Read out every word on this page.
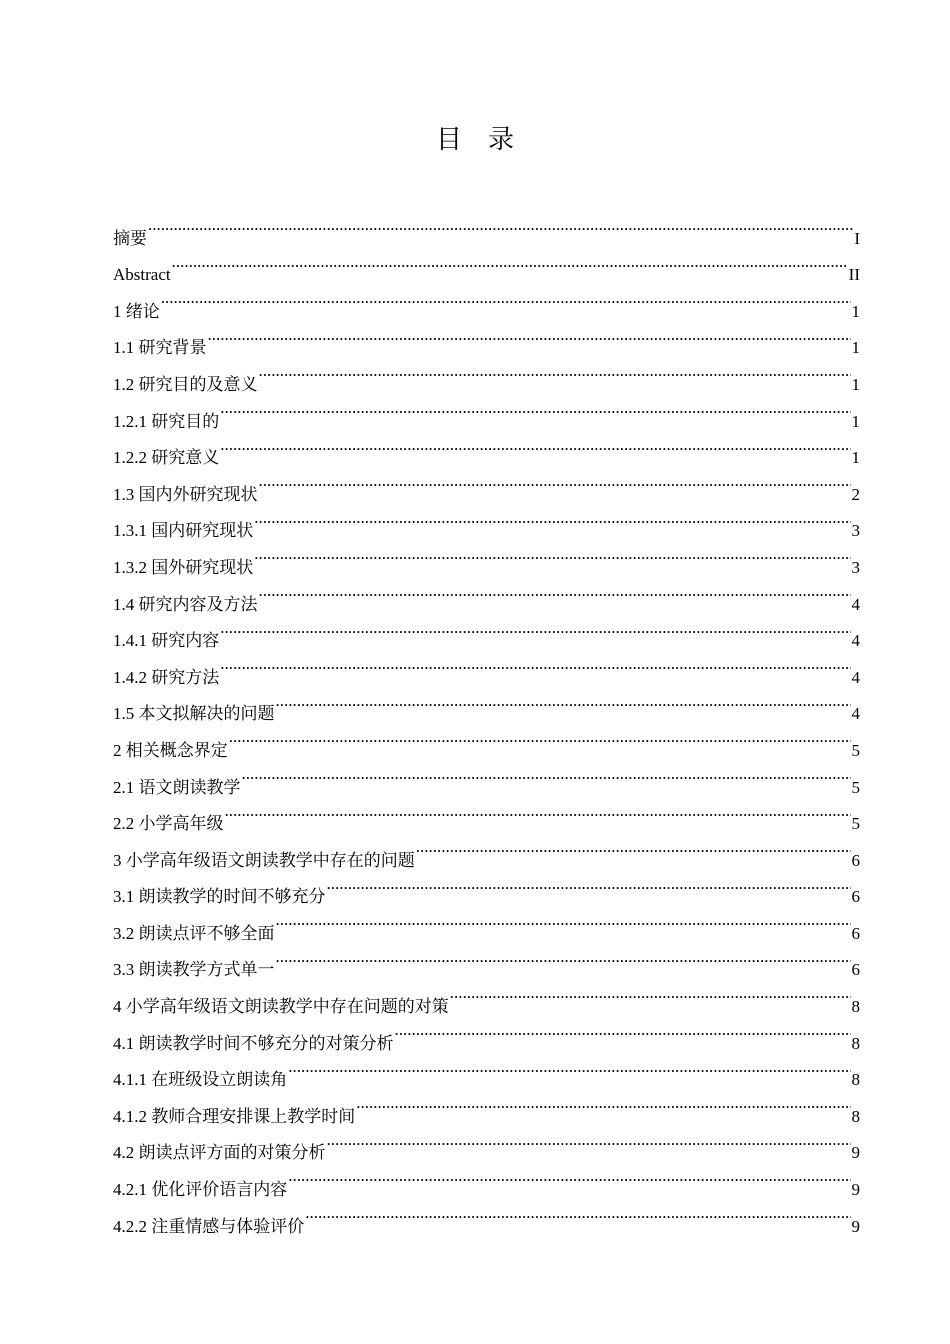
目录
摘要 .....	I
Abstract .....	II
1 绪论 .....	1
1.1 研究背景 .....	1
1.2 研究目的及意义 .....	1
1.2.1 研究目的 .....	1
1.2.2 研究意义 .....	1
1.3 国内外研究现状 .....	2
1.3.1 国内研究现状 .....	3
1.3.2 国外研究现状 .....	3
1.4 研究内容及方法 .....	4
1.4.1 研究内容 .....	4
1.4.2 研究方法 .....	4
1.5 本文拟解决的问题 .....	4
2 相关概念界定 .....	5
2.1 语文朗读教学 .....	5
2.2 小学高年级 .....	5
3 小学高年级语文朗读教学中存在的问题 .....	6
3.1 朗读教学的时间不够充分 .....	6
3.2 朗读点评不够全面 .....	6
3.3 朗读教学方式单一 .....	6
4 小学高年级语文朗读教学中存在问题的对策 .....	8
4.1 朗读教学时间不够充分的对策分析 .....	8
4.1.1 在班级设立朗读角 .....	8
4.1.2 教师合理安排课上教学时间 .....	8
4.2 朗读点评方面的对策分析 .....	9
4.2.1 优化评价语言内容 .....	9
4.2.2 注重情感与体验评价 .....	9
